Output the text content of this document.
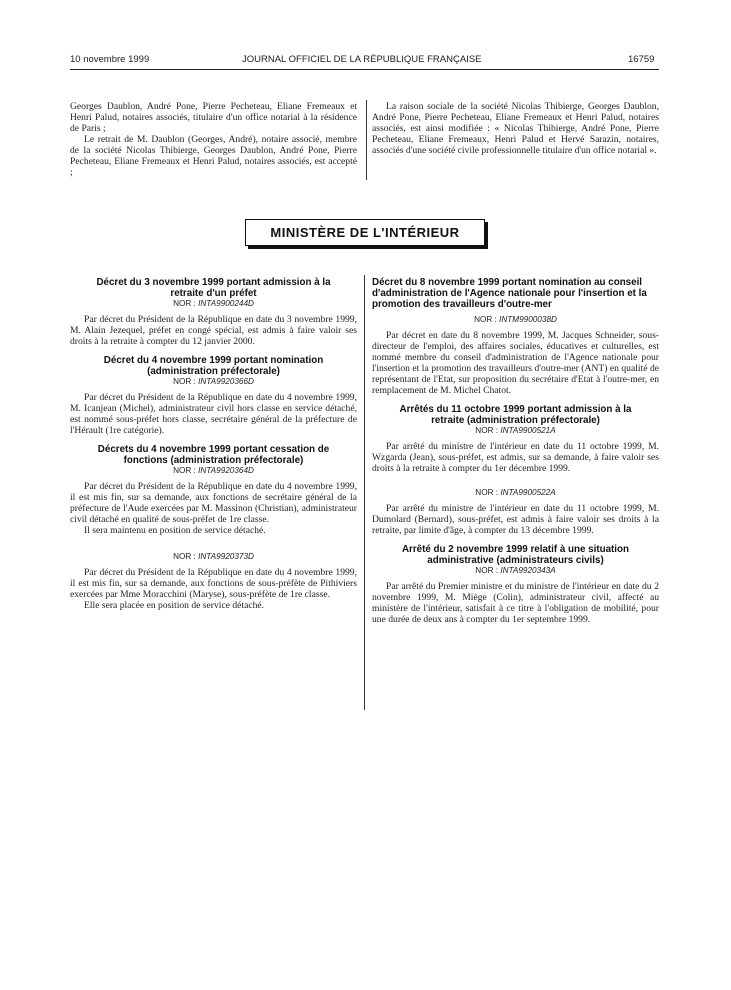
10 novembre 1999	JOURNAL OFFICIEL DE LA RÉPUBLIQUE FRANÇAISE	16759

Georges Daublon, André Pone, Pierre Pecheteau, Eliane Fremeaux et Henri Palud, notaires associés, titulaire d'un office notarial à la résidence de Paris ;

Le retrait de M. Daublon (Georges, André), notaire associé, membre de la société Nicolas Thibierge, Georges Daublon, André Pone, Pierre Pecheteau, Eliane Fremeaux et Henri Palud, notaires associés, est accepté ;

La raison sociale de la société Nicolas Thibierge, Georges Daublon, André Pone, Pierre Pecheteau, Eliane Fremeaux et Henri Palud, notaires associés, est ainsi modifiée : « Nicolas Thibierge, André Pone, Pierre Pecheteau, Eliane Fremeaux, Henri Palud et Hervé Sarazin, notaires, associés d'une société civile professionnelle titulaire d'un office notarial ».

MINISTÈRE DE L'INTÉRIEUR
Décret du 3 novembre 1999 portant admission à la retraite d'un préfet
NOR : INTA9900244D

Par décret du Président de la République en date du 3 novembre 1999, M. Alain Jezequel, préfet en congé spécial, est admis à faire valoir ses droits à la retraite à compter du 12 janvier 2000.

Décret du 4 novembre 1999 portant nomination (administration préfectorale)
NOR : INTA9920366D

Par décret du Président de la République en date du 4 novembre 1999, M. Icanjean (Michel), administrateur civil hors classe en service détaché, est nommé sous-préfet hors classe, secrétaire général de la préfecture de l'Hérault (1re catégorie).

Décrets du 4 novembre 1999 portant cessation de fonctions (administration préfectorale)
NOR : INTA9920364D

Par décret du Président de la République en date du 4 novembre 1999, il est mis fin, sur sa demande, aux fonctions de secrétaire général de la préfecture de l'Aude exercées par M. Massinon (Christian), administrateur civil détaché en qualité de sous-préfet de 1re classe.

Il sera maintenu en position de service détaché.

NOR : INTA9920373D

Par décret du Président de la République en date du 4 novembre 1999, il est mis fin, sur sa demande, aux fonctions de sous-préfète de Pithiviers exercées par Mme Moracchini (Maryse), sous-préfète de 1re classe.

Elle sera placée en position de service détaché.

Décret du 8 novembre 1999 portant nomination au conseil d'administration de l'Agence nationale pour l'insertion et la promotion des travailleurs d'outre-mer
NOR : INTM9900038D

Par décret en date du 8 novembre 1999, M. Jacques Schneider, sous-directeur de l'emploi, des affaires sociales, éducatives et culturelles, est nommé membre du conseil d'administration de l'Agence nationale pour l'insertion et la promotion des travailleurs d'outre-mer (ANT) en qualité de représentant de l'Etat, sur proposition du secrétaire d'Etat à l'outre-mer, en remplacement de M. Michel Chatot.

Arrêtés du 11 octobre 1999 portant admission à la retraite (administration préfectorale)
NOR : INTA9900521A

Par arrêté du ministre de l'intérieur en date du 11 octobre 1999, M. Wzgarda (Jean), sous-préfet, est admis, sur sa demande, à faire valoir ses droits à la retraite à compter du 1er décembre 1999.

NOR : INTA9900522A

Par arrêté du ministre de l'intérieur en date du 11 octobre 1999, M. Dumolard (Bernard), sous-préfet, est admis à faire valoir ses droits à la retraite, par limite d'âge, à compter du 13 décembre 1999.

Arrêté du 2 novembre 1999 relatif à une situation administrative (administrateurs civils)
NOR : INTA9920343A

Par arrêté du Premier ministre et du ministre de l'intérieur en date du 2 novembre 1999, M. Miège (Colin), administrateur civil, affecté au ministère de l'intérieur, satisfait à ce titre à l'obligation de mobilité, pour une durée de deux ans à compter du 1er septembre 1999.
